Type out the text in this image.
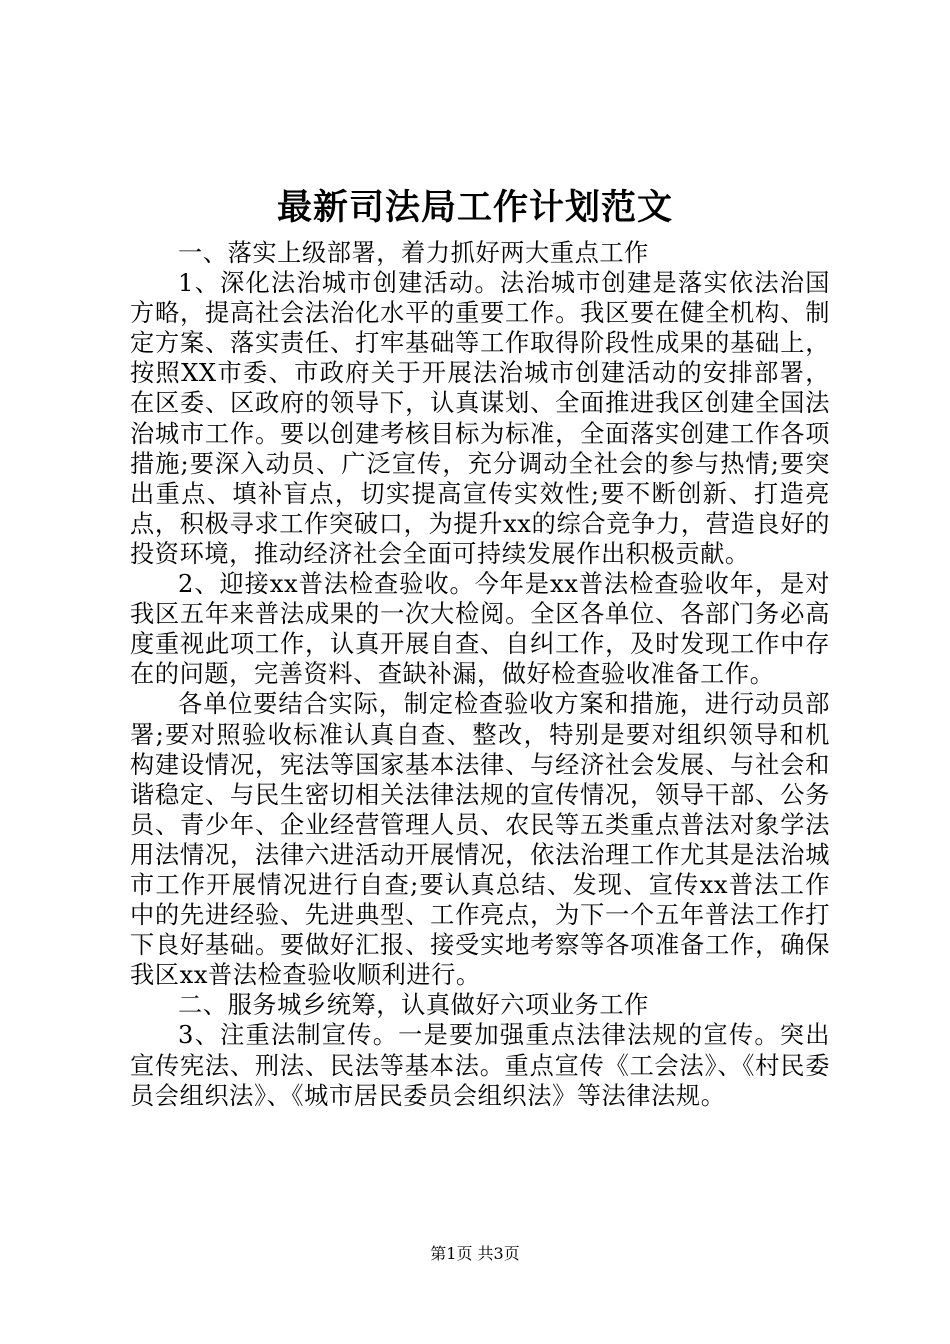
最新司法局工作计划范文

一、落实上级部署，着力抓好两大重点工作

1、深化法治城市创建活动。法治城市创建是落实依法治国方略，提高社会法治化水平的重要工作。我区要在健全机构、制定方案、落实责任、打牢基础等工作取得阶段性成果的基础上，按照XX市委、市政府关于开展法治城市创建活动的安排部署，在区委、区政府的领导下，认真谋划、全面推进我区创建全国法治城市工作。要以创建考核目标为标准，全面落实创建工作各项措施;要深入动员、广泛宣传，充分调动全社会的参与热情;要突出重点、填补盲点，切实提高宣传实效性;要不断创新、打造亮点，积极寻求工作突破口，为提升xx的综合竞争力，营造良好的投资环境，推动经济社会全面可持续发展作出积极贡献。

2、迎接xx普法检查验收。今年是xx普法检查验收年，是对我区五年来普法成果的一次大检阅。全区各单位、各部门务必高度重视此项工作，认真开展自查、自纠工作，及时发现工作中存在的问题，完善资料、查缺补漏，做好检查验收准备工作。

各单位要结合实际，制定检查验收方案和措施，进行动员部署;要对照验收标准认真自查、整改，特别是要对组织领导和机构建设情况，宪法等国家基本法律、与经济社会发展、与社会和谐稳定、与民生密切相关法律法规的宣传情况，领导干部、公务员、青少年、企业经营管理人员、农民等五类重点普法对象学法用法情况，法律六进活动开展情况，依法治理工作尤其是法治城市工作开展情况进行自查;要认真总结、发现、宣传xx普法工作中的先进经验、先进典型、工作亮点，为下一个五年普法工作打下良好基础。要做好汇报、接受实地考察等各项准备工作，确保我区xx普法检查验收顺利进行。

二、服务城乡统筹，认真做好六项业务工作

3、注重法制宣传。一是要加强重点法律法规的宣传。突出宣传宪法、刑法、民法等基本法。重点宣传《工会法》、《村民委员会组织法》、《城市居民委员会组织法》等法律法规。

第1页 共3页
